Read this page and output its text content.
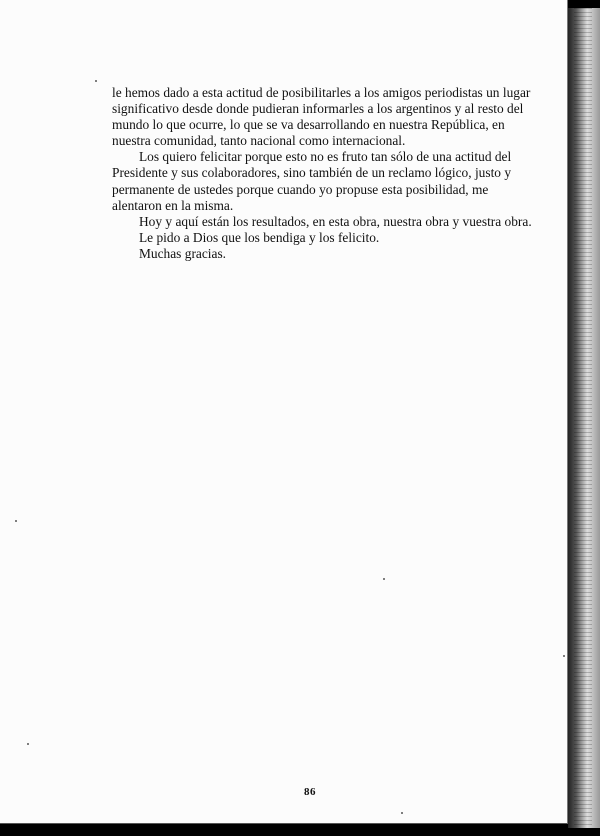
le hemos dado a esta actitud de posibilitarles a los amigos periodistas un lugar significativo desde donde pudieran informarles a los argentinos y al resto del mundo lo que ocurre, lo que se va desarrollando en nuestra República, en nuestra comunidad, tanto nacional como internacional.

Los quiero felicitar porque esto no es fruto tan sólo de una actitud del Presidente y sus colaboradores, sino también de un reclamo lógico, justo y permanente de ustedes porque cuando yo propuse esta posibilidad, me alentaron en la misma.

Hoy y aquí están los resultados, en esta obra, nuestra obra y vuestra obra.

Le pido a Dios que los bendiga y los felicito.

Muchas gracias.

86
